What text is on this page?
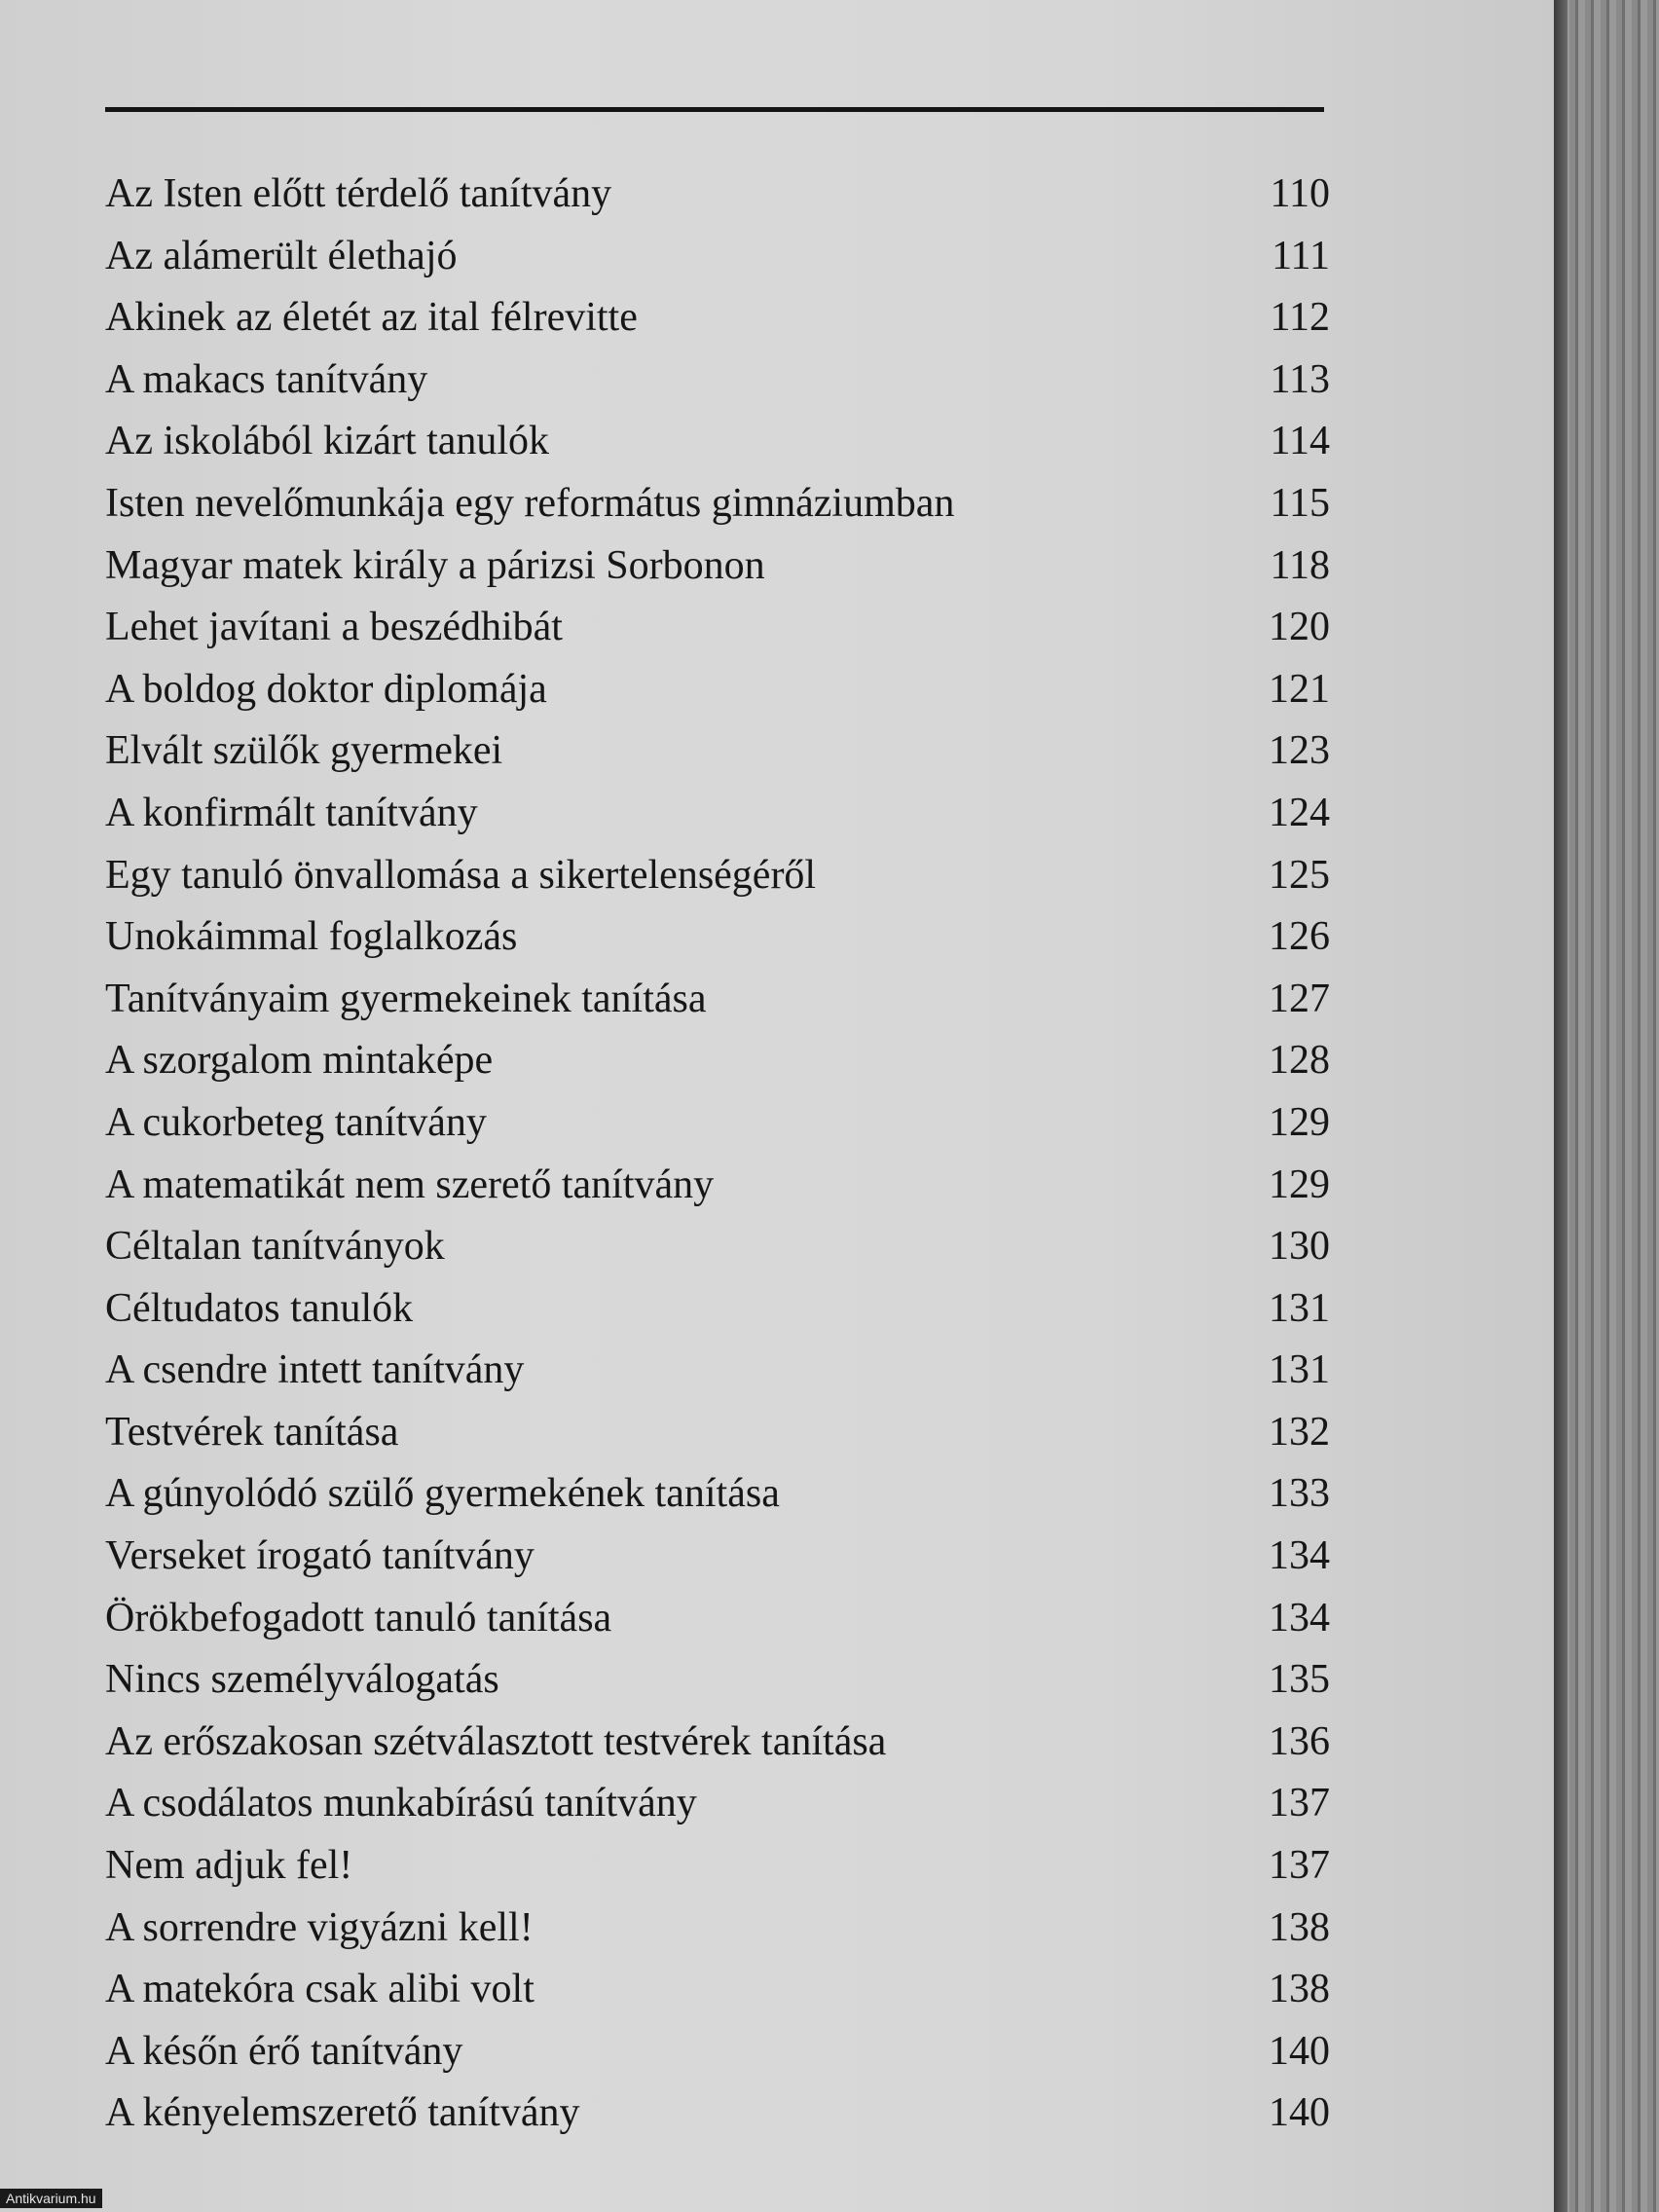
Az Isten előtt térdelő tanítvány	110
Az alámerült élethajó	111
Akinek az életét az ital félrevitte	112
A makacs tanítvány	113
Az iskolából kizárt tanulók	114
Isten nevelőmunkája egy református gimnáziumban	115
Magyar matek király a párizsi Sorbonon	118
Lehet javítani a beszédhibát	120
A boldog doktor diplomája	121
Elvált szülők gyermekei	123
A konfirmált tanítvány	124
Egy tanuló önvallomása a sikertelenségéről	125
Unokáimmal foglalkozás	126
Tanítványaim gyermekeinek tanítása	127
A szorgalom mintaképe	128
A cukorbeteg tanítvány	129
A matematikát nem szerető tanítvány	129
Céltalan tanítványok	130
Céltudatos tanulók	131
A csendre intett tanítvány	131
Testvérek tanítása	132
A gúnyolódó szülő gyermekének tanítása	133
Verseket írogató tanítvány	134
Örökbefogadott tanuló tanítása	134
Nincs személyválogatás	135
Az erőszakosan szétválasztott testvérek tanítása	136
A csodálatos munkabírású tanítvány	137
Nem adjuk fel!	137
A sorrendre vigyázni kell!	138
A matekóra csak alibi volt	138
A későn érő tanítvány	140
A kényelemszerető tanítvány	140
Antikvarium.hu
